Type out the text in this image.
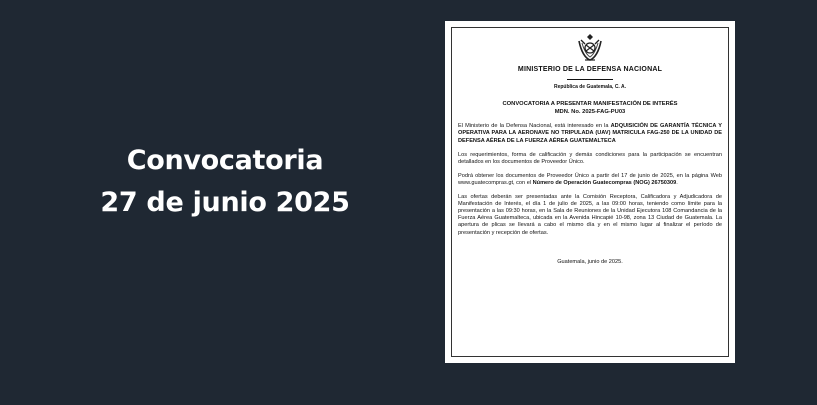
Convocatoria
27 de junio 2025
MINISTERIO DE LA DEFENSA NACIONAL
República de Guatemala, C. A.
CONVOCATORIA A PRESENTAR MANIFESTACIÓN DE INTERÉS
MDN. No. 2025-FAG-PU03
El Ministerio de la Defensa Nacional, está interesado en la ADQUISICIÓN DE GARANTÍA TÉCNICA Y OPERATIVA PARA LA AERONAVE NO TRIPULADA (UAV) MATRICULA FAG-250 DE LA UNIDAD DE DEFENSA AÉREA DE LA FUERZA AÉREA GUATEMALTECA
Los requerimientos, forma de calificación y demás condiciones para la participación se encuentran detallados en los documentos de Proveedor Único.
Podrá obtener los documentos de Proveedor Único a partir del 17 de junio de 2025, en la página Web www.guatecompras.gt, con el Número de Operación Guatecompras (NOG) 26750309.
Las ofertas deberán ser presentadas ante la Comisión Receptora, Calificadora y Adjudicadora de Manifestación de Interés, el día 1 de julio de 2025, a las 09:00 horas, teniendo como límite para la presentación a las 09:30 horas, en la Sala de Reuniones de la Unidad Ejecutora 108 Comandancia de la Fuerza Aérea Guatemalteca, ubicada en la Avenida Hincapié 10-98, zona 13 Ciudad de Guatemala. La apertura de plicas se llevará a cabo el mismo día y en el mismo lugar al finalizar el período de presentación y recepción de ofertas.
Guatemala, junio de 2025.
